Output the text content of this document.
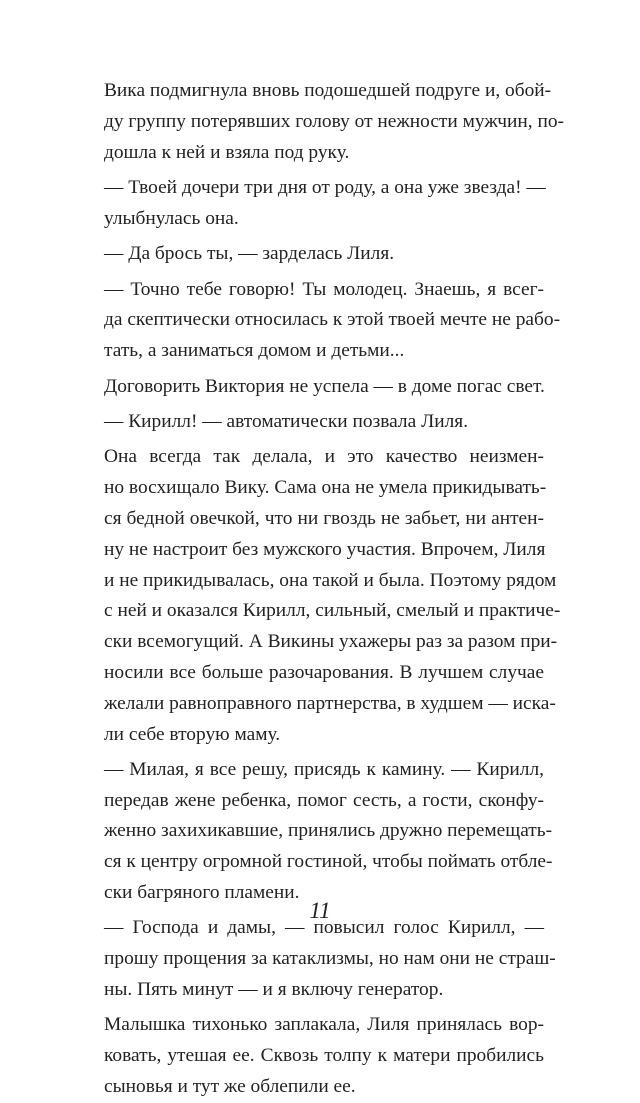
Вика подмигнула вновь подошедшей подруге и, обой-
ду группу потерявших голову от нежности мужчин, по-
дошла к ней и взяла под руку.
— Твоей дочери три дня от роду, а она уже звезда! —
улыбнулась она.
— Да брось ты, — зарделась Лиля.
— Точно тебе говорю! Ты молодец. Знаешь, я всег-
да скептически относилась к этой твоей мечте не рабо-
тать, а заниматься домом и детьми...
Договорить Виктория не успела — в доме погас свет.
— Кирилл! — автоматически позвала Лиля.
Она всегда так делала, и это качество неизмен-
но восхищало Вику. Сама она не умела прикидывать-
ся бедной овечкой, что ни гвоздь не забьет, ни антен-
ну не настроит без мужского участия. Впрочем, Лиля
и не прикидывалась, она такой и была. Поэтому рядом
с ней и оказался Кирилл, сильный, смелый и практиче-
ски всемогущий. А Викины ухажеры раз за разом при-
носили все больше разочарования. В лучшем случае
желали равноправного партнерства, в худшем — иска-
ли себе вторую маму.
— Милая, я все решу, присядь к камину. — Кирилл,
передав жене ребенка, помог сесть, а гости, сконфу-
женно захихикавшие, принялись дружно перемещать-
ся к центру огромной гостиной, чтобы поймать отбле-
ски багряного пламени.
— Господа и дамы, — повысил голос Кирилл, —
прошу прощения за катаклизмы, но нам они не страш-
ны. Пять минут — и я включу генератор.
Малышка тихонько заплакала, Лиля принялась вор-
ковать, утешая ее. Сквозь толпу к матери пробились
сыновья и тут же облепили ее.
11
